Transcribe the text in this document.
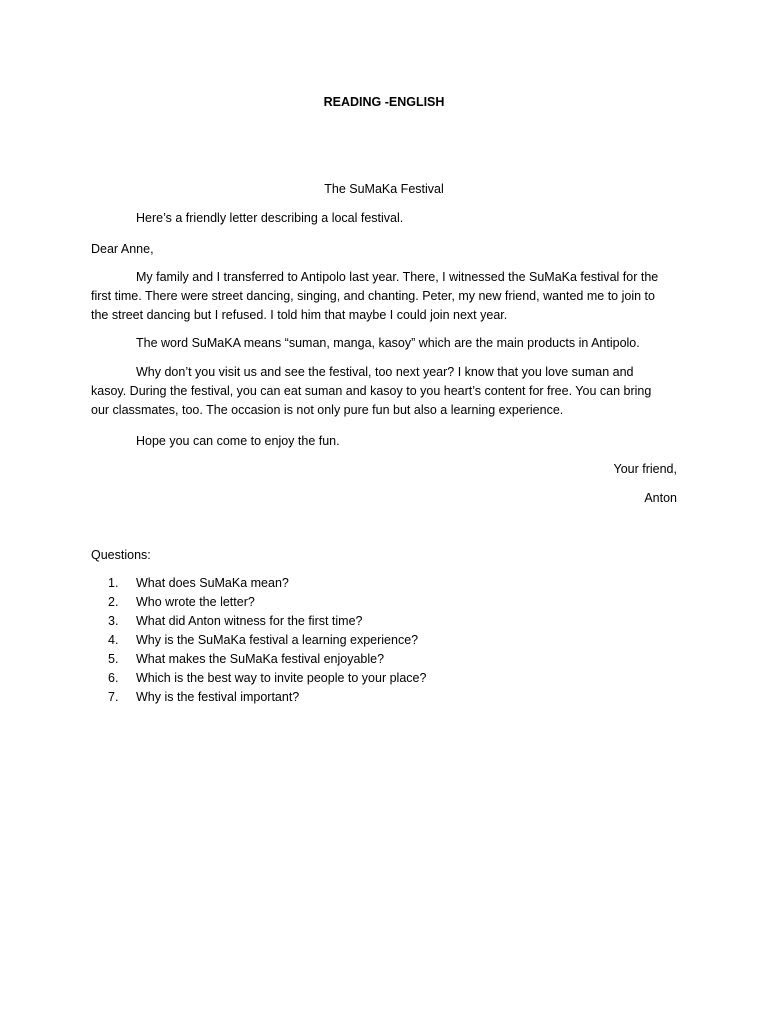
READING -ENGLISH
The SuMaKa Festival
Here’s a friendly letter describing a local festival.
Dear Anne,
My family and I transferred to Antipolo last year. There, I witnessed the SuMaKa festival for the
first time. There were street dancing, singing, and chanting. Peter, my new friend, wanted me to join to
the street dancing but I refused. I told him that maybe I could join next year.
The word SuMaKA means “suman, manga, kasoy” which are the main products in Antipolo.
Why don’t you visit us and see the festival, too next year? I know that you love suman and
kasoy. During the festival, you can eat suman and kasoy to you heart’s content for free. You can bring
our classmates, too. The occasion is not only pure fun but also a learning experience.
Hope you can come to enjoy the fun.
Your friend,
Anton
Questions:
1. What does SuMaKa mean?
2. Who wrote the letter?
3. What did Anton witness for the first time?
4. Why is the SuMaKa festival a learning experience?
5. What makes the SuMaKa festival enjoyable?
6. Which is the best way to invite people to your place?
7. Why is the festival important?
